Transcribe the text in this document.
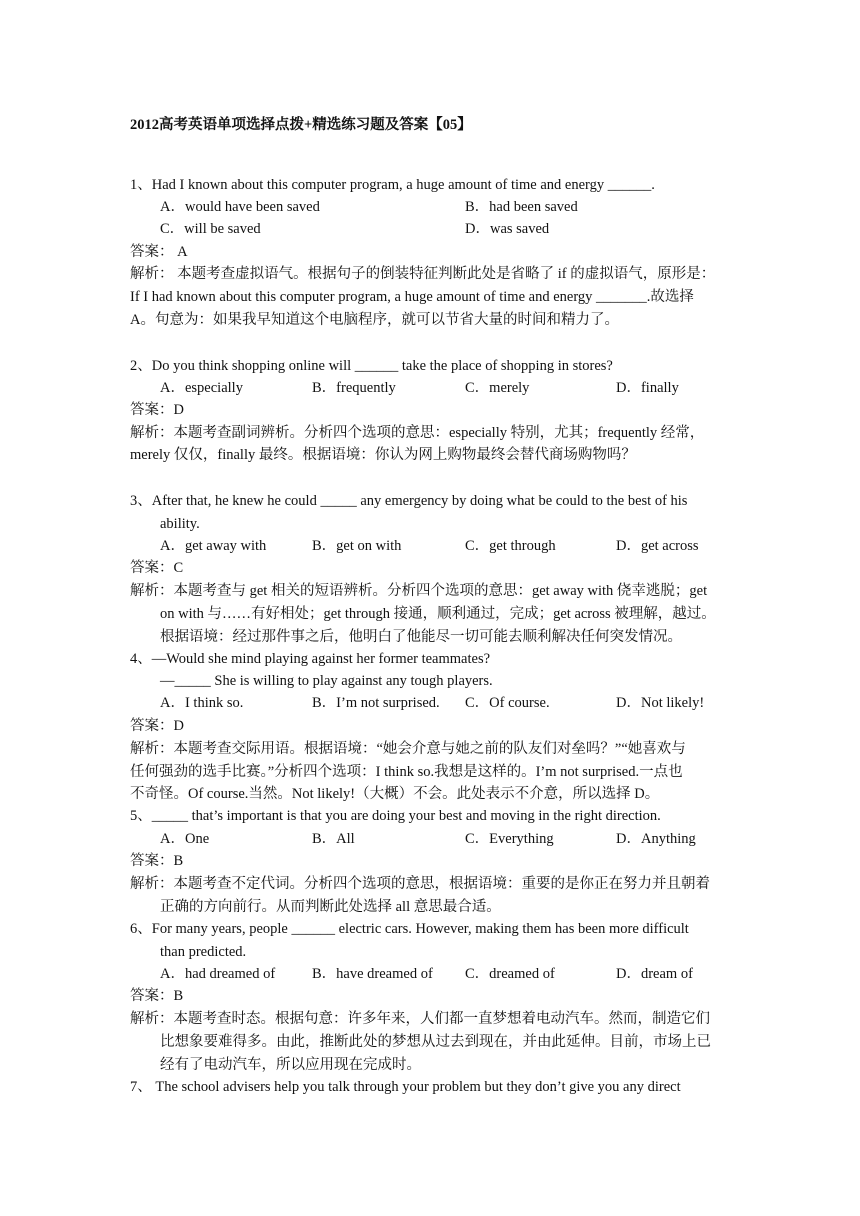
2012高考英语单项选择点拨+精选练习题及答案【05】
1、Had I known about this computer program, a huge amount of time and energy ______.
A．would have been saved	B．had been saved
C．will be saved	D．was saved
答案： A
解析： 本题考查虚拟语气。根据句子的倒装特征判断此处是省略了 if 的虚拟语气，原形是：
If I had known about this computer program, a huge amount of time and energy _______.故选择
A。句意为：如果我早知道这个电脑程序，就可以节省大量的时间和精力了。
2、Do you think shopping online will ______ take the place of shopping in stores?
A．especially	B．frequently	C．merely	D．finally
答案：D
解析：本题考查副词辨析。分析四个选项的意思：especially 特别，尤其；frequently 经常，
merely 仅仅，finally 最终。根据语境：你认为网上购物最终会替代商场购物吗？
3、After that, he knew he could _____ any emergency by doing what be could to the best of his
ability.
A．get away with	B．get on with	C．get through	D．get across
答案：C
解析：本题考查与 get 相关的短语辨析。分析四个选项的意思：get away with 侥幸逃脱；get
on with 与……有好相处；get through 接通，顺利通过，完成；get across 被理解，越过。
根据语境：经过那件事之后，他明白了他能尽一切可能去顺利解决任何突发情况。
4、—Would she mind playing against her former teammates?
—_____ She is willing to play against any tough players.
A．I think so.	B．I’m not surprised. C．Of course.	D．Not likely!
答案：D
解析：本题考查交际用语。根据语境：“她会介意与她之前的队友们对垒吗？”“她喜欢与
任何强劲的选手比赛。”分析四个选项：I think so.我想是这样的。I’m not surprised.一点也
不奇怪。Of course.当然。Not likely!（大概）不会。此处表示不介意，所以选择 D。
5、_____ that’s important is that you are doing your best and moving in the right direction.
A．One	B．All	C．Everything	D．Anything
答案：B
解析：本题考查不定代词。分析四个选项的意思，根据语境：重要的是你正在努力并且朝着
正确的方向前行。从而判断此处选择 all 意思最合适。
6、For many years, people ______ electric cars. However, making them has been more difficult
than predicted.
A．had dreamed of	B．have dreamed of C．dreamed of	D．dream of
答案：B
解析：本题考查时态。根据句意：许多年来，人们都一直梦想着电动汽车。然而，制造它们
比想象要难得多。由此，推断此处的梦想从过去到现在，并由此延伸。目前，市场上已
经有了电动汽车，所以应用现在完成时。
7、 The school advisers help you talk through your problem but they don’t give you any direct
